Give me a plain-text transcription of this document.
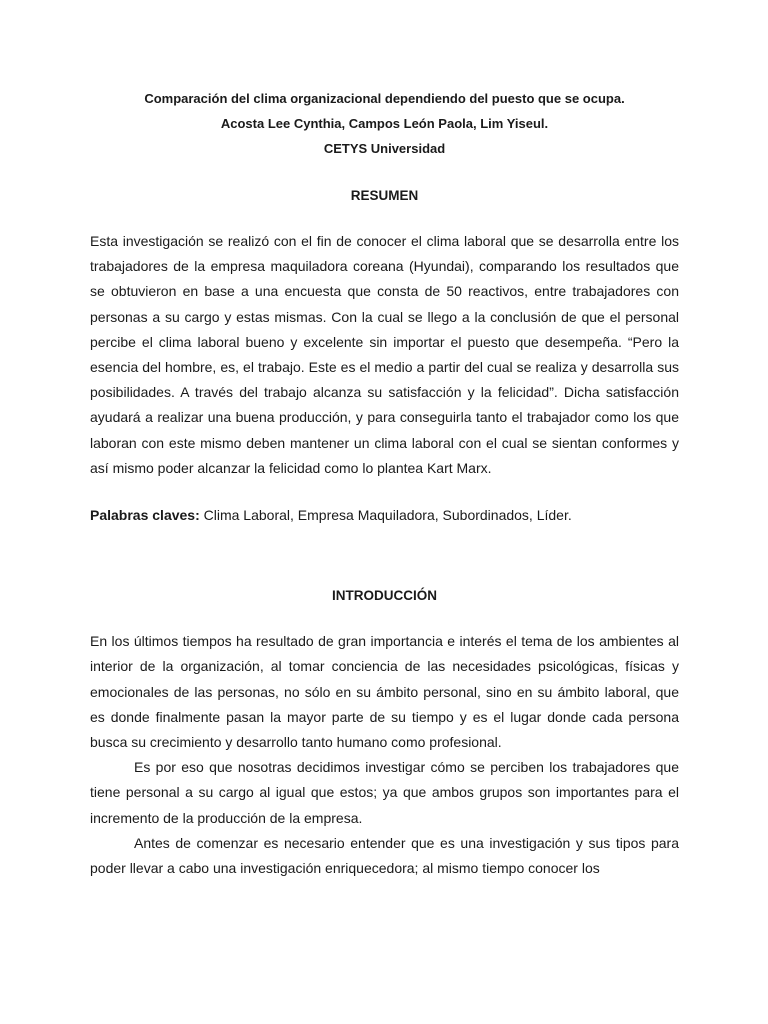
Comparación del clima organizacional dependiendo del puesto que se ocupa.

Acosta Lee Cynthia, Campos León Paola, Lim Yiseul.

CETYS Universidad

RESUMEN

Esta investigación se realizó con el fin de conocer el clima laboral que se desarrolla entre los trabajadores de la empresa maquiladora coreana (Hyundai), comparando los resultados que se obtuvieron en base a una encuesta que consta de 50 reactivos, entre trabajadores con personas a su cargo y estas mismas. Con la cual se llego a la conclusión de que el personal percibe el clima laboral bueno y excelente sin importar el puesto que desempeña. “Pero la esencia del hombre, es, el trabajo. Este es el medio a partir del cual se realiza y desarrolla sus posibilidades. A través del trabajo alcanza su satisfacción y la felicidad”. Dicha satisfacción ayudará a realizar una buena producción, y para conseguirla tanto el trabajador como los que laboran con este mismo deben mantener un clima laboral con el cual se sientan conformes y así mismo poder alcanzar la felicidad como lo plantea Kart Marx.

Palabras claves: Clima Laboral, Empresa Maquiladora, Subordinados, Líder.

INTRODUCCIÓN

En los últimos tiempos ha resultado de gran importancia e interés el tema de los ambientes al interior de la organización, al tomar conciencia de las necesidades psicológicas, físicas y emocionales de las personas, no sólo en su ámbito personal, sino en su ámbito laboral, que es donde finalmente pasan la mayor parte de su tiempo y es el lugar donde cada persona busca su crecimiento y desarrollo tanto humano como profesional.

Es por eso que nosotras decidimos investigar cómo se perciben los trabajadores que tiene personal a su cargo al igual que estos; ya que ambos grupos son importantes para el incremento de la producción de la empresa.

Antes de comenzar es necesario entender que es una investigación y sus tipos para poder llevar a cabo una investigación enriquecedora; al mismo tiempo conocer los
